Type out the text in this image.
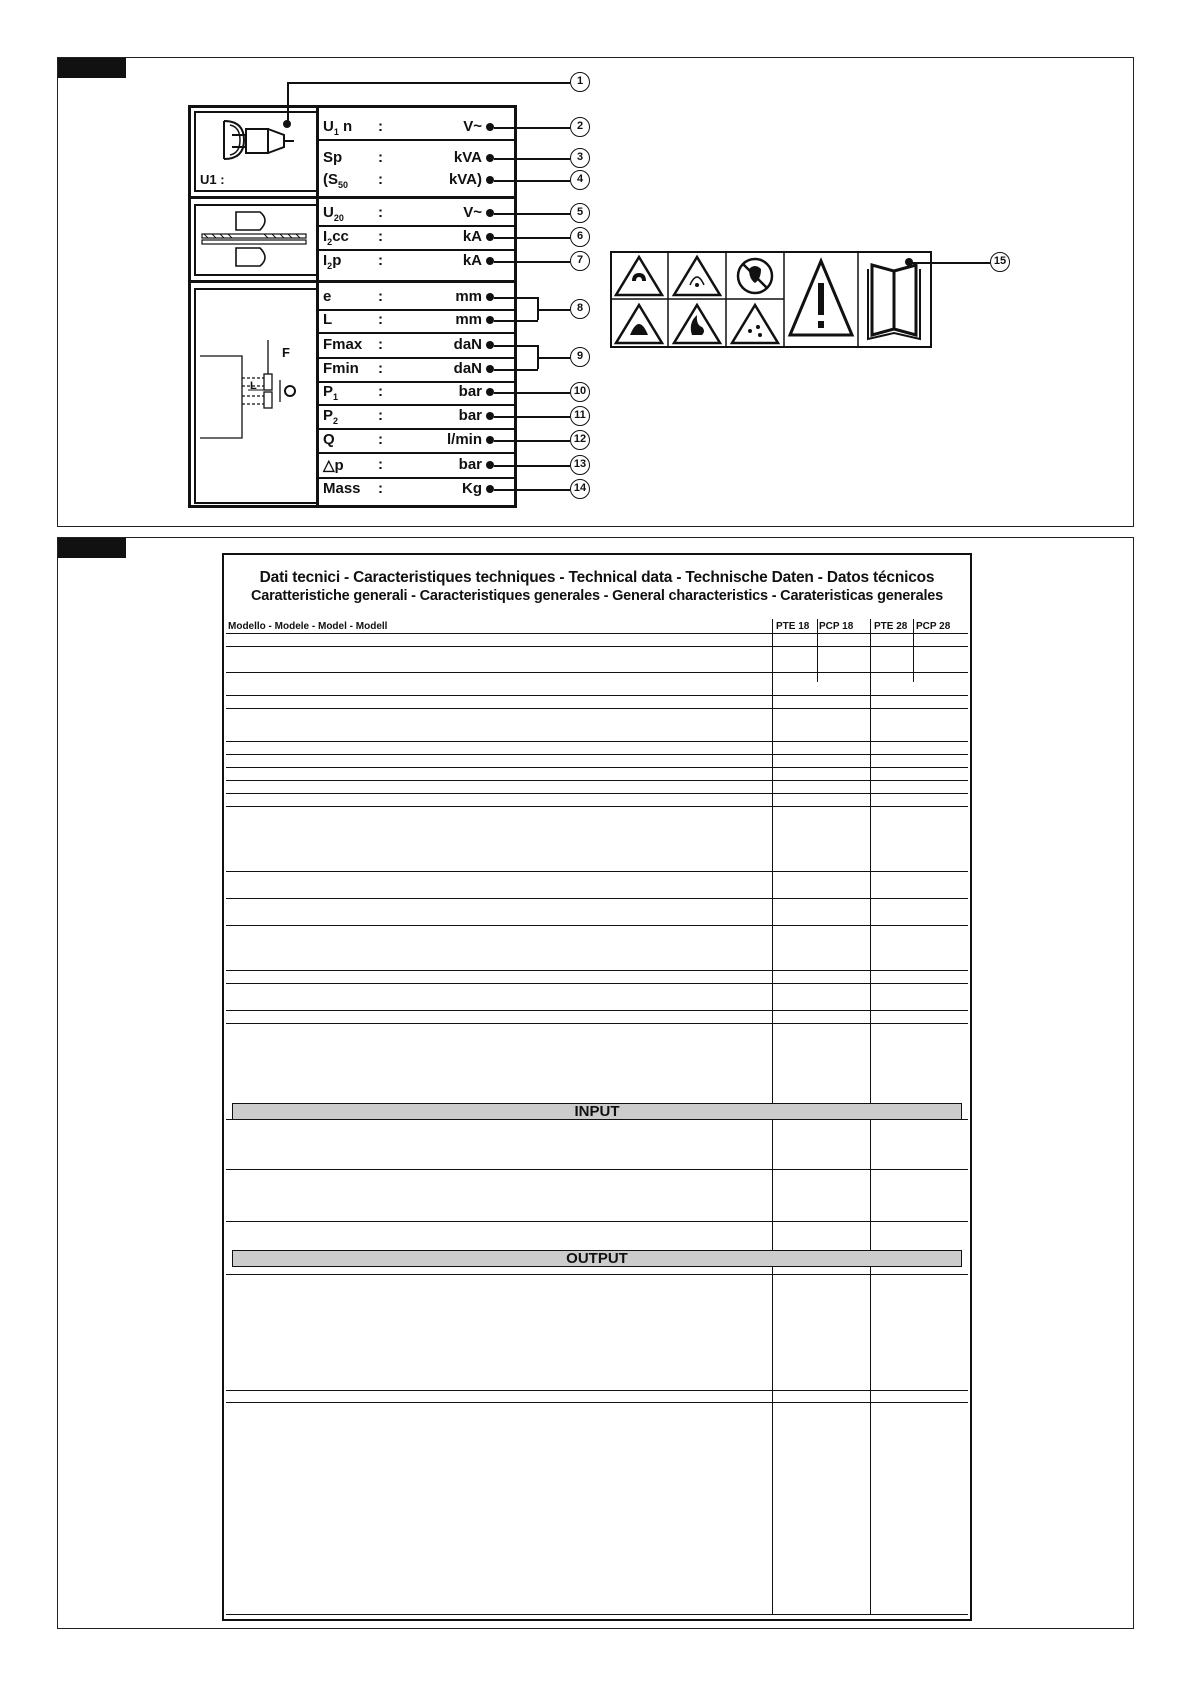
U1 :
F
L
$U_1$ n :	V~
Sp :	kVA
($S_{50}$ :	kVA)
$U_{20}$ :	V~
$I_2cc$ :	kA
$I_2p$ :	kA
e	:	mm
L	:	mm
Fmax :	daN
Fmin :	daN
$P_1$	:	bar
$P_2$	:	bar
Q	:	l/min
△p :	bar
Mass :	Kg
2
3
4
5
6
7
8
9
10
11
12
13
14
1
15
Dati tecnici - Caracteristiques techniques - Technical data - Technische Daten - Datos técnicos
Caratteristiche generali - Caracteristiques generales - General characteristics - Carateristicas generales
Modello - Modele - Model - Modell	PTE 18 PCP 18 PTE 28 PCP 28
INPUT
OUTPUT
